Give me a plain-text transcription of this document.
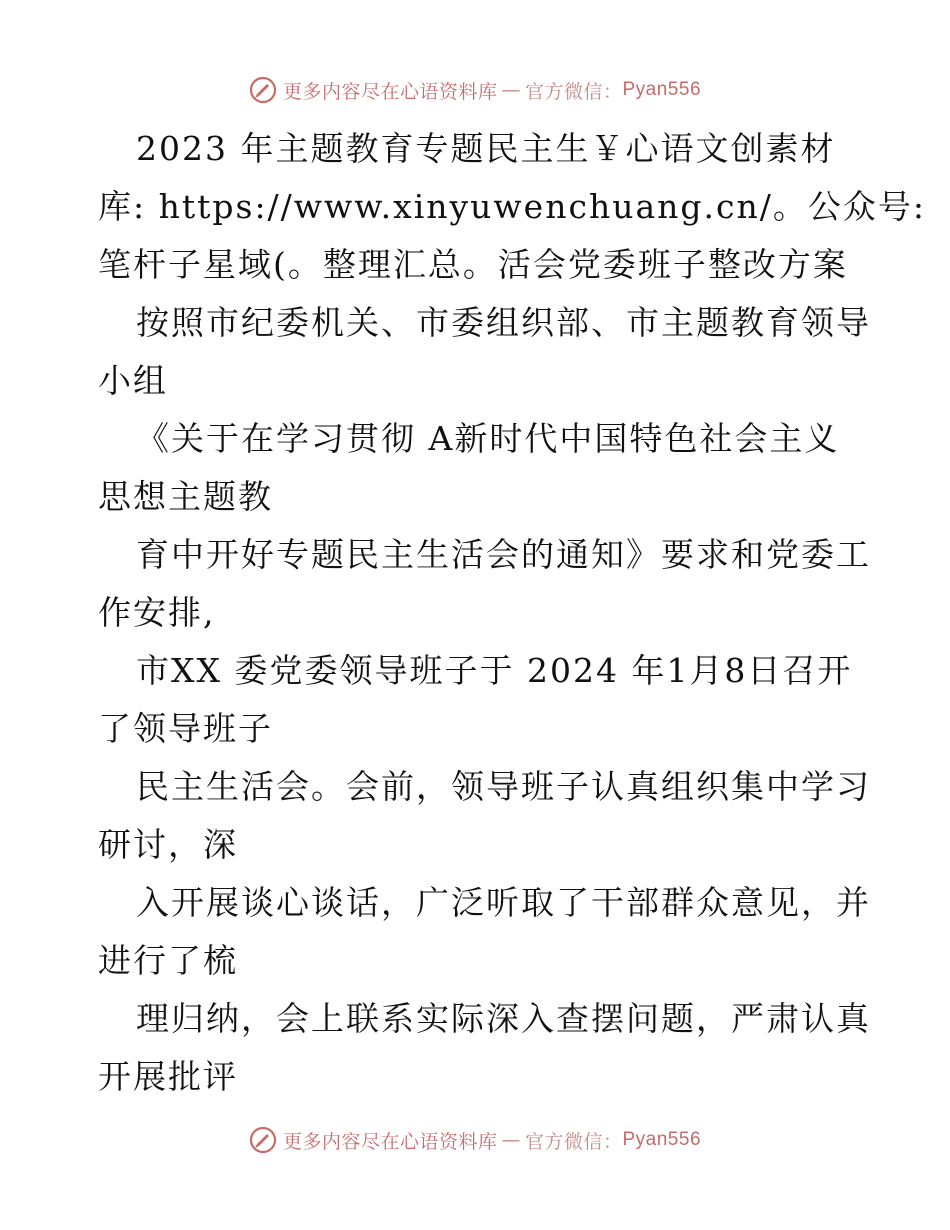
更多内容尽在心语资料库 — 官方微信： Pyan556
2023 年主题教育专题民主生￥心语文创素材
库: https://www.xinyuwenchuang.cn/。公众号:
笔杆子星域(。整理汇总。活会党委班子整改方案
按照市纪委机关、市委组织部、市主题教育领导
小组
《关于在学习贯彻 A新时代中国特色社会主义
思想主题教
育中开好专题民主生活会的通知》要求和党委工
作安排,
市XX 委党委领导班子于 2024 年1月8日召开
了领导班子
民主生活会。会前，领导班子认真组织集中学习
研讨，深
入开展谈心谈话，广泛听取了干部群众意见，并
进行了梳
理归纳，会上联系实际深入查摆问题，严肃认真
开展批评
更多内容尽在心语资料库 — 官方微信： Pyan556
